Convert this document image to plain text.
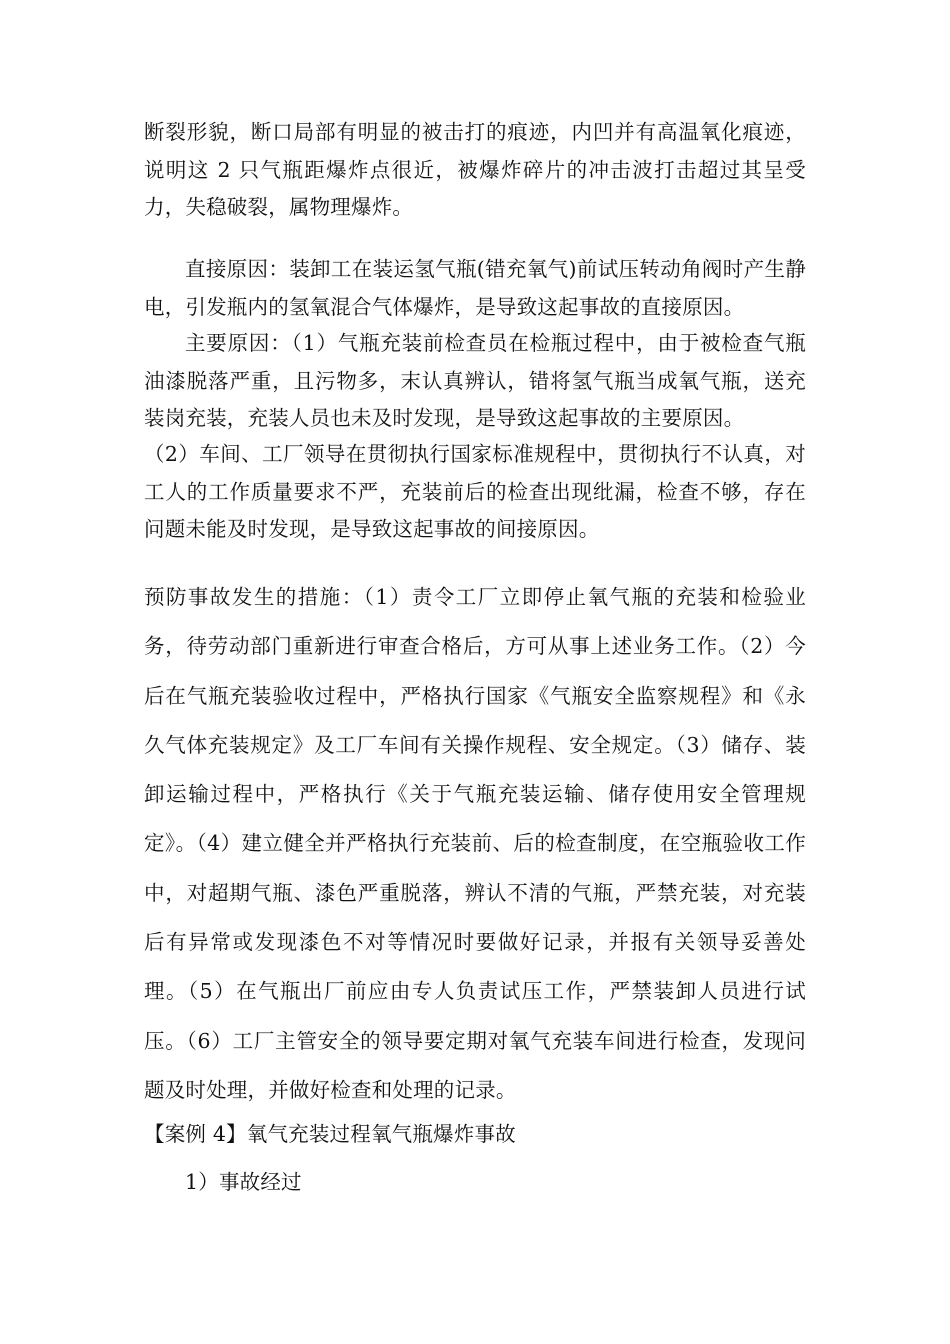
断裂形貌，断口局部有明显的被击打的痕迹，内凹并有高温氧化痕迹，说明这 2 只气瓶距爆炸点很近，被爆炸碎片的冲击波打击超过其呈受力，失稳破裂，属物理爆炸。

直接原因：装卸工在装运氢气瓶(错充氧气)前试压转动角阀时产生静电，引发瓶内的氢氧混合气体爆炸，是导致这起事故的直接原因。

主要原因：（1）气瓶充装前检查员在检瓶过程中，由于被检查气瓶油漆脱落严重，且污物多，末认真辨认，错将氢气瓶当成氧气瓶，送充装岗充装，充装人员也未及时发现，是导致这起事故的主要原因。

（2）车间、工厂领导在贯彻执行国家标准规程中，贯彻执行不认真，对工人的工作质量要求不严，充装前后的检查出现纰漏，检查不够，存在问题未能及时发现，是导致这起事故的间接原因。

预防事故发生的措施：（1）责令工厂立即停止氧气瓶的充装和检验业务，待劳动部门重新进行审查合格后，方可从事上述业务工作。（2）今后在气瓶充装验收过程中，严格执行国家《气瓶安全监察规程》和《永久气体充装规定》及工厂车间有关操作规程、安全规定。（3）储存、装卸运输过程中，严格执行《关于气瓶充装运输、储存使用安全管理规定》。（4）建立健全并严格执行充装前、后的检查制度，在空瓶验收工作中，对超期气瓶、漆色严重脱落，辨认不清的气瓶，严禁充装，对充装后有异常或发现漆色不对等情况时要做好记录，并报有关领导妥善处理。（5）在气瓶出厂前应由专人负责试压工作，严禁装卸人员进行试压。（6）工厂主管安全的领导要定期对氧气充装车间进行检查，发现问题及时处理，并做好检查和处理的记录。

【案例 4】氧气充装过程氧气瓶爆炸事故

1）事故经过
